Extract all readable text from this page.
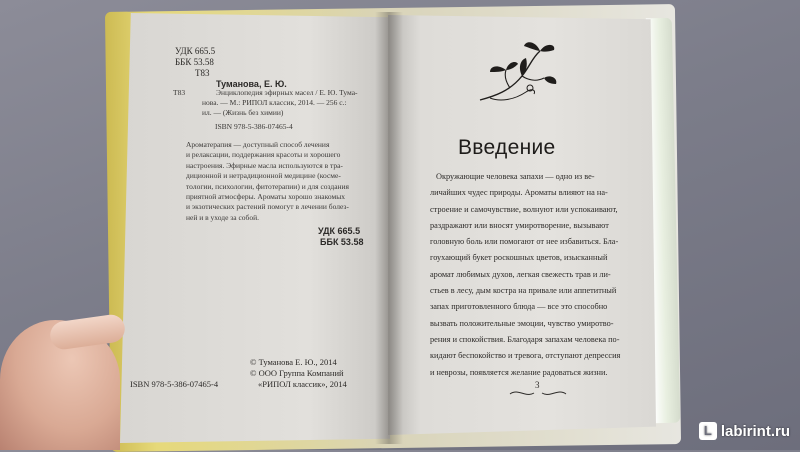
УДК 665.5
ББК 53.58
Т83
Туманова, Е. Ю.
Т83	Энциклопедия эфирных масел / Е. Ю. Тума-
нова. — М.: РИПОЛ классик, 2014. — 256 с.:
ил. — (Жизнь без химии)
ISBN 978-5-386-07465-4

Ароматерапия — доступный способ лечения

и релаксации, поддержания красоты и хорошего

настроения. Эфирные масла используются в тра-

диционной и нетрадиционной медицине (косме-

тологии, психологии, фитотерапии) и для создания

приятной атмосферы. Ароматы хорошо знакомых

и экзотических растений помогут в лечении болез-

ней и в уходе за собой.

УДК 665.5
ББК 53.58
© Туманова Е. Ю., 2014
© ООО Группа Компаний
ISBN 978-5-386-07465-4	«РИПОЛ классик», 2014
Введение

Окружающие человека запахи — одно из ве-

личайших чудес природы. Ароматы влияют на на-

строение и самочувствие, волнуют или успокаивают,

раздражают или вносят умиротворение, вызывают

головную боль или помогают от нее избавиться. Бла-

гоухающий букет роскошных цветов, изысканный

аромат любимых духов, легкая свежесть трав и ли-

стьев в лесу, дым костра на привале или аппетитный

запах приготовленного блюда — все это способно

вызвать положительные эмоции, чувство умиротво-

рения и спокойствия. Благодаря запахам человека по-

кидают беспокойство и тревога, отступают депрессия

и неврозы, появляется желание радоваться жизни.

3
L labirint.ru
